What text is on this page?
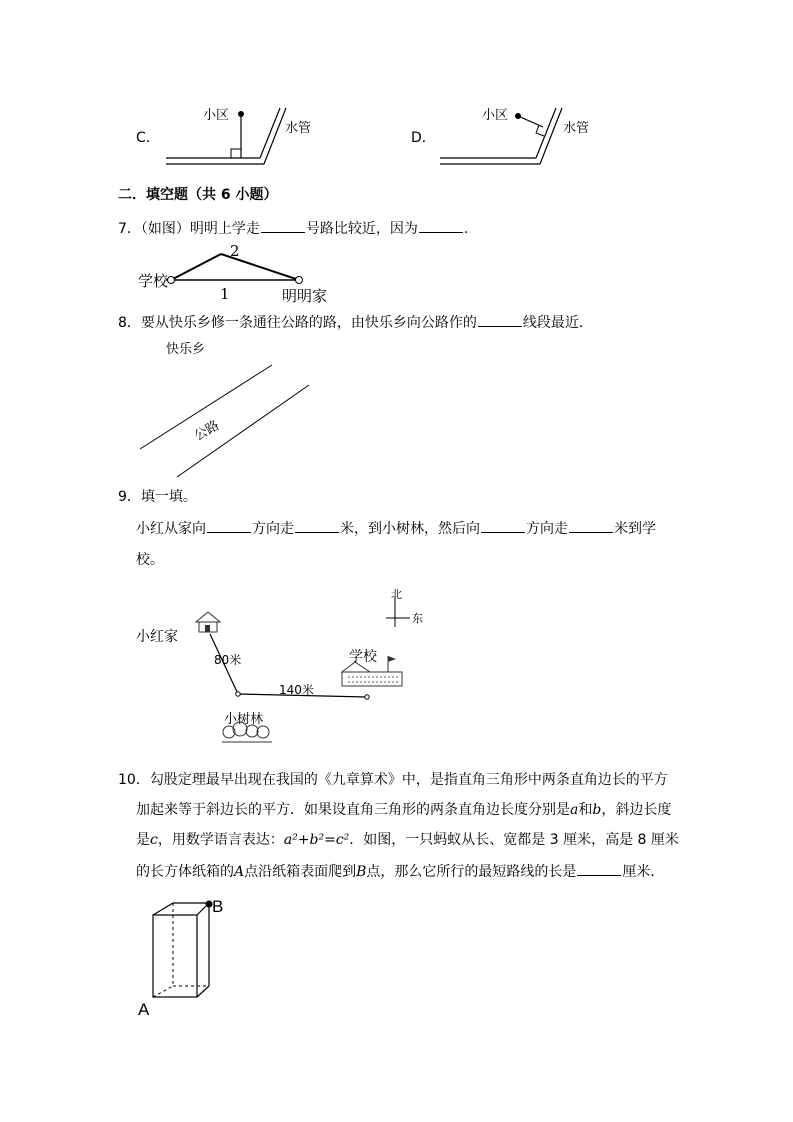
C．
小区
水管
D．
小区
水管
二．填空题（共 6 小题）
7．（如图）明明上学走	号路比较近，因为	.
学校
明明家
1
2
8．要从快乐乡修一条通往公路的路，由快乐乡向公路作的	线段最近．
快乐乡
公路
9．填一填。
小红从家向	方向走	米，到小树林，然后向	方向走	米到学
校。
小红家
80米
140米
小树林
学校
北
东
10．勾股定理最早出现在我国的《九章算术》中，是指直角三角形中两条直角边长的平方
加起来等于斜边长的平方．如果设直角三角形的两条直角边长度分别是a和b，斜边长度
是c，用数学语言表达：a²+b²=c²．如图，一只蚂蚁从长、宽都是 3 厘米，高是 8 厘米
的长方体纸箱的A点沿纸箱表面爬到B点，那么它所行的最短路线的长是	厘米．
A
B
